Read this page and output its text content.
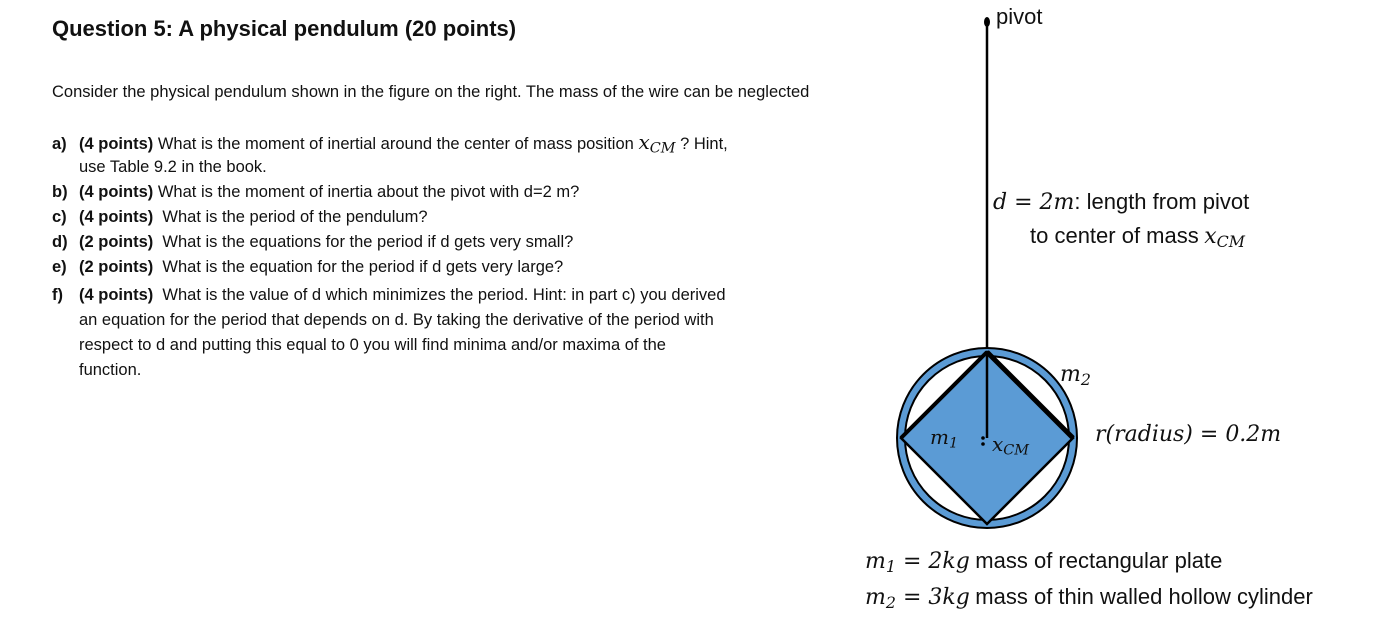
Question 5: A physical pendulum (20 points)
Consider the physical pendulum shown in the figure on the right. The mass of the wire can be neglected
a) (4 points) What is the moment of inertial around the center of mass position $x_{CM}$ ? Hint,
use Table 9.2 in the book.
b) (4 points) What is the moment of inertia about the pivot with d=2 m?
c) (4 points) What is the period of the pendulum?
d) (2 points) What is the equations for the period if d gets very small?
e) (2 points) What is the equation for the period if d gets very large?
f) (4 points) What is the value of d which minimizes the period. Hint: in part c) you derived
an equation for the period that depends on d. By taking the derivative of the period with
respect to d and putting this equal to 0 you will find minima and/or maxima of the
function.
pivot
d = 2m: length from pivot
to center of mass $x_{CM}$
$m_2$
$m_1$ $x_{CM}$
r(radius) = 0.2m
$m_1 = 2kg$ mass of rectangular plate
$m_2 = 3kg$ mass of thin walled hollow cylinder
